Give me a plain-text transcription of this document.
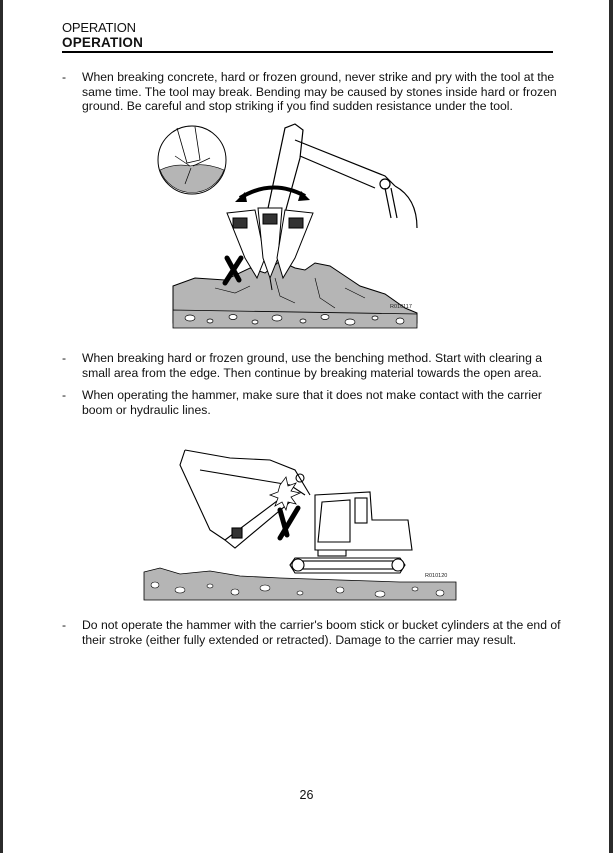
OPERATION
OPERATION
- When breaking concrete, hard or frozen ground, never strike and pry with the tool at the same time. The tool may break. Bending may be caused by stones inside hard or frozen ground. Be careful and stop striking if you find sudden resistance under the tool.
R010117
- When breaking hard or frozen ground, use the benching method. Start with clearing a small area from the edge. Then continue by breaking material towards the open area.
- When operating the hammer, make sure that it does not make contact with the carrier boom or hydraulic lines.
R010120
- Do not operate the hammer with the carrier's boom stick or bucket cylinders at the end of their stroke (either fully extended or retracted). Damage to the carrier may result.
26
